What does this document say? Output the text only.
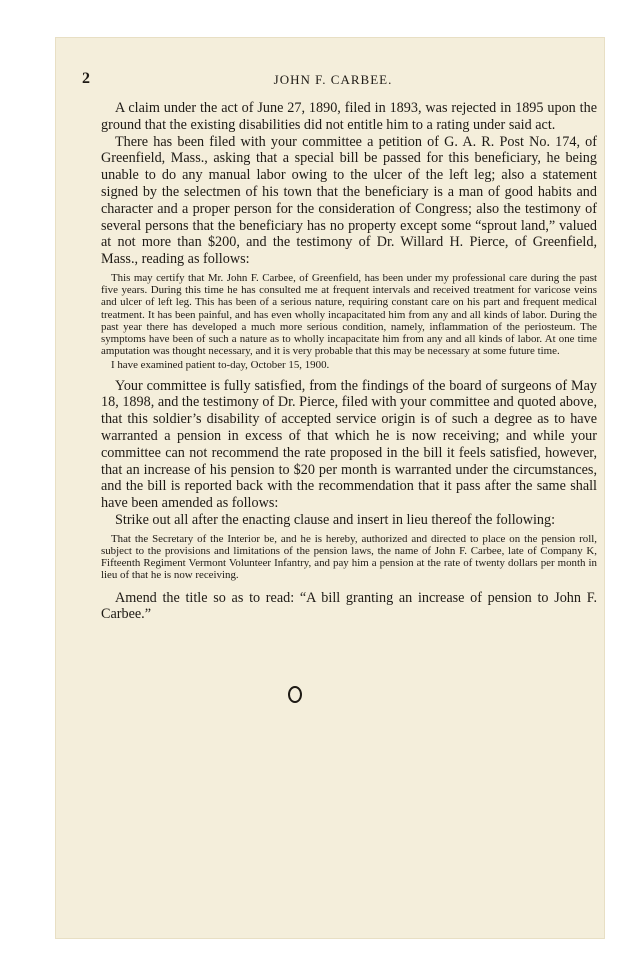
2	JOHN F. CARBEE.

A claim under the act of June 27, 1890, filed in 1893, was rejected in 1895 upon the ground that the existing disabilities did not entitle him to a rating under said act.

There has been filed with your committee a petition of G. A. R. Post No. 174, of Greenfield, Mass., asking that a special bill be passed for this beneficiary, he being unable to do any manual labor owing to the ulcer of the left leg; also a statement signed by the selectmen of his town that the beneficiary is a man of good habits and character and a proper person for the consideration of Congress; also the testimony of several persons that the beneficiary has no property except some “sprout land,” valued at not more than $200, and the testimony of Dr. Willard H. Pierce, of Greenfield, Mass., reading as follows:

This may certify that Mr. John F. Carbee, of Greenfield, has been under my professional care during the past five years. During this time he has consulted me at frequent intervals and received treatment for varicose veins and ulcer of left leg. This has been of a serious nature, requiring constant care on his part and frequent medical treatment. It has been painful, and has even wholly incapacitated him from any and all kinds of labor. During the past year there has developed a much more serious condition, namely, inflammation of the periosteum. The symptoms have been of such a nature as to wholly incapacitate him from any and all kinds of labor. At one time amputation was thought necessary, and it is very probable that this may be necessary at some future time.

I have examined patient to-day, October 15, 1900.

Your committee is fully satisfied, from the findings of the board of surgeons of May 18, 1898, and the testimony of Dr. Pierce, filed with your committee and quoted above, that this soldier’s disability of accepted service origin is of such a degree as to have warranted a pension in excess of that which he is now receiving; and while your committee can not recommend the rate proposed in the bill it feels satisfied, however, that an increase of his pension to $20 per month is warranted under the circumstances, and the bill is reported back with the recommendation that it pass after the same shall have been amended as follows:

Strike out all after the enacting clause and insert in lieu thereof the following:

That the Secretary of the Interior be, and he is hereby, authorized and directed to place on the pension roll, subject to the provisions and limitations of the pension laws, the name of John F. Carbee, late of Company K, Fifteenth Regiment Vermont Volunteer Infantry, and pay him a pension at the rate of twenty dollars per month in lieu of that he is now receiving.

Amend the title so as to read: “A bill granting an increase of pension to John F. Carbee.”
